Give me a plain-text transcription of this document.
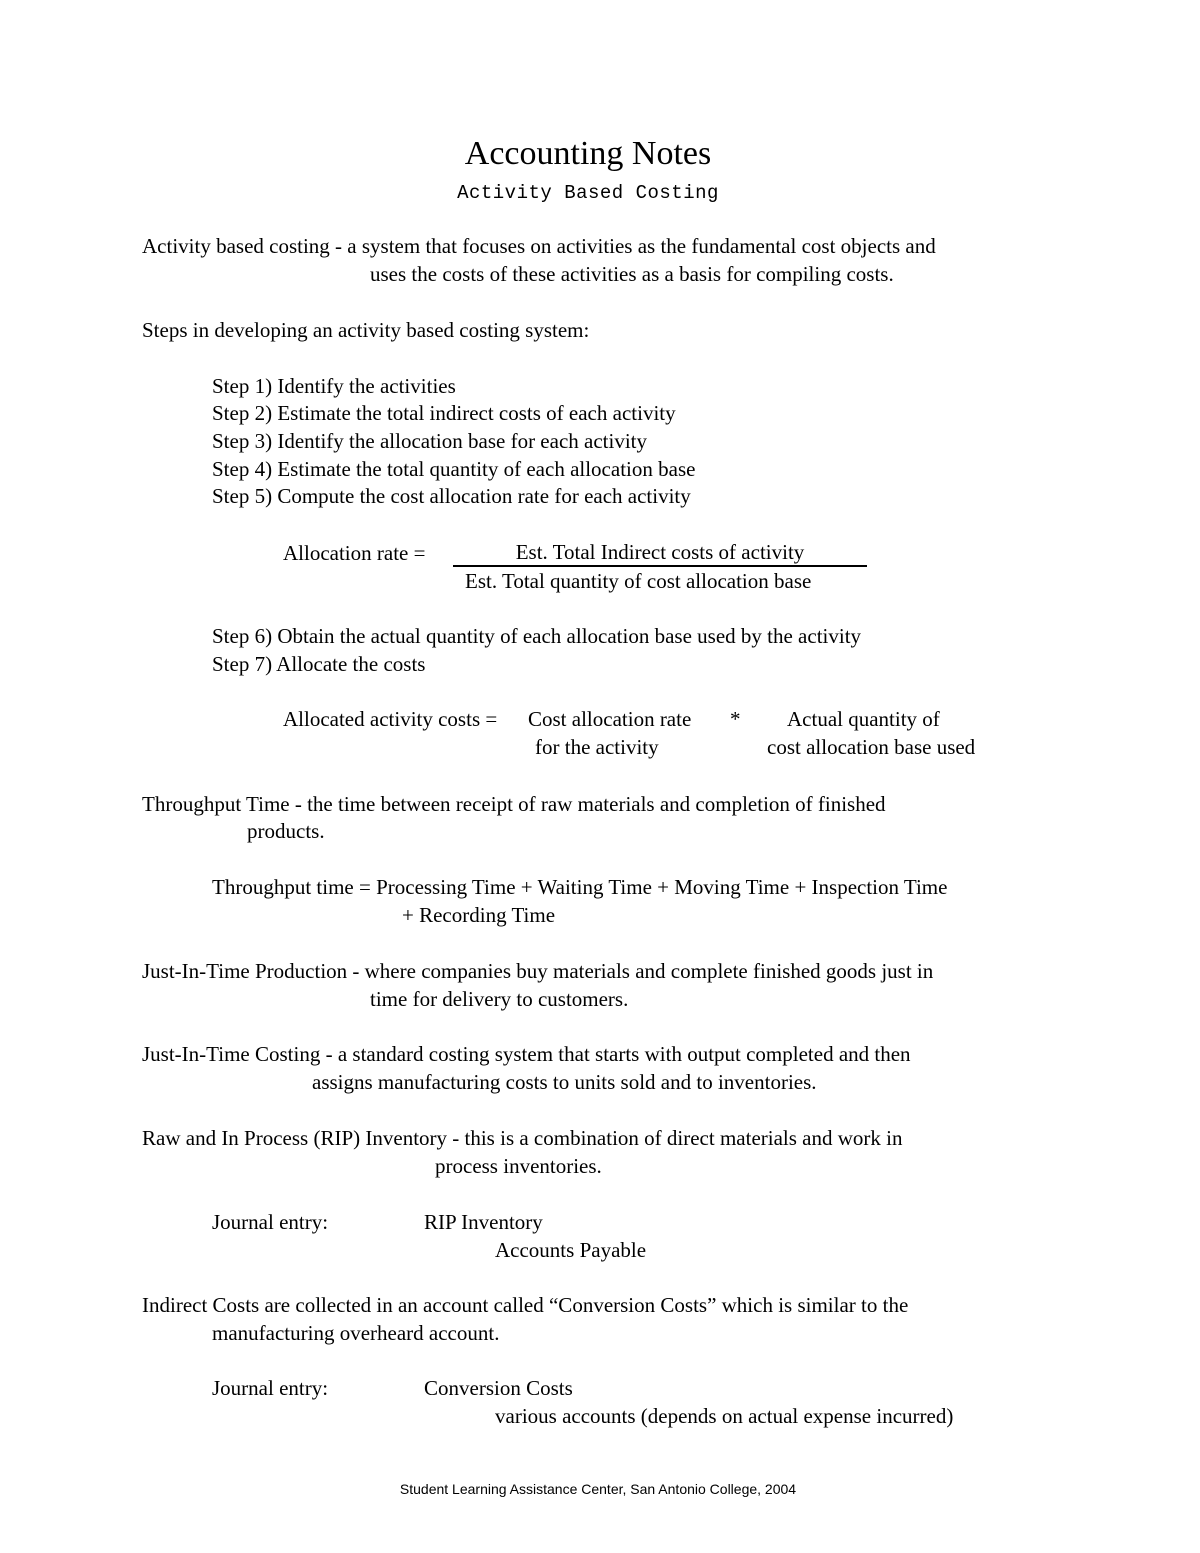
Accounting Notes
Activity Based Costing
Activity based costing - a system that focuses on activities as the fundamental cost objects and
uses the costs of these activities as a basis for compiling costs.
Steps in developing an activity based costing system:
Step 1) Identify the activities
Step 2) Estimate the total indirect costs of each activity
Step 3) Identify the allocation base for each activity
Step 4) Estimate the total quantity of each allocation base
Step 5) Compute the cost allocation rate for each activity
Allocation rate =	Est. Total Indirect costs of activity
Est. Total quantity of cost allocation base
Step 6) Obtain the actual quantity of each allocation base used by the activity
Step 7) Allocate the costs
Allocated activity costs = Cost allocation rate
for the activity
* Actual quantity of
cost allocation base used
Throughput Time - the time between receipt of raw materials and completion of finished
products.
Throughput time = Processing Time + Waiting Time + Moving Time + Inspection Time
+ Recording Time
Just-In-Time Production - where companies buy materials and complete finished goods just in
time for delivery to customers.
Just-In-Time Costing - a standard costing system that starts with output completed and then
assigns manufacturing costs to units sold and to inventories.
Raw and In Process (RIP) Inventory - this is a combination of direct materials and work in
process inventories.
Journal entry:	RIP Inventory
Accounts Payable
Indirect Costs are collected in an account called “Conversion Costs” which is similar to the
manufacturing overheard account.
Journal entry:	Conversion Costs
various accounts (depends on actual expense incurred)
Student Learning Assistance Center, San Antonio College, 2004
